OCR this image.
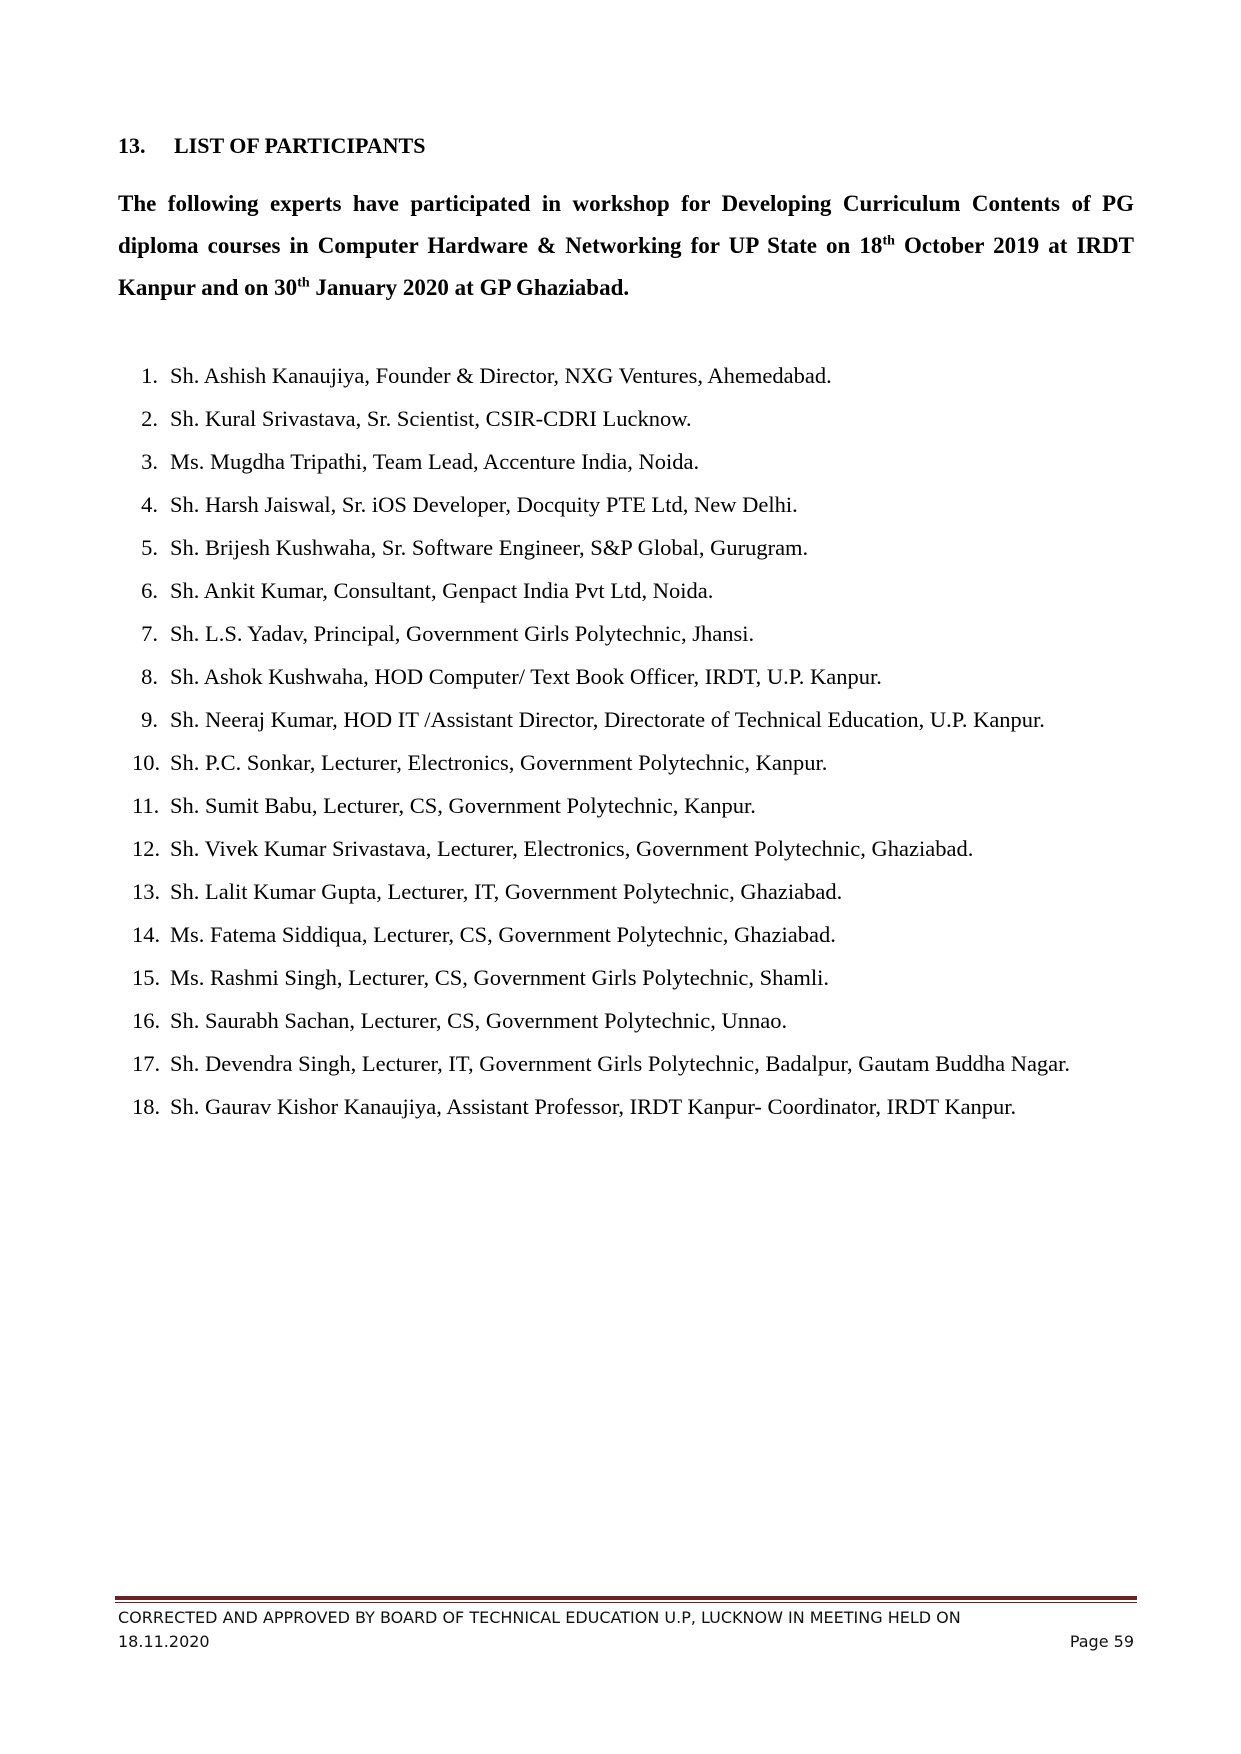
13. LIST OF PARTICIPANTS

The following experts have participated in workshop for Developing Curriculum Contents of PG diploma courses in Computer Hardware & Networking for UP State on 18th October 2019 at IRDT Kanpur and on 30th January 2020 at GP Ghaziabad.

1. Sh. Ashish Kanaujiya, Founder & Director, NXG Ventures, Ahemedabad.
2. Sh. Kural Srivastava, Sr. Scientist, CSIR-CDRI Lucknow.
3. Ms. Mugdha Tripathi, Team Lead, Accenture India, Noida.
4. Sh. Harsh Jaiswal, Sr. iOS Developer, Docquity PTE Ltd, New Delhi.
5. Sh. Brijesh Kushwaha, Sr. Software Engineer, S&P Global, Gurugram.
6. Sh. Ankit Kumar, Consultant, Genpact India Pvt Ltd, Noida.
7. Sh. L.S. Yadav, Principal, Government Girls Polytechnic, Jhansi.
8. Sh. Ashok Kushwaha, HOD Computer/ Text Book Officer, IRDT, U.P. Kanpur.
9. Sh. Neeraj Kumar, HOD IT /Assistant Director, Directorate of Technical Education, U.P. Kanpur.
10. Sh. P.C. Sonkar, Lecturer, Electronics, Government Polytechnic, Kanpur.
11. Sh. Sumit Babu, Lecturer, CS, Government Polytechnic, Kanpur.
12. Sh. Vivek Kumar Srivastava, Lecturer, Electronics, Government Polytechnic, Ghaziabad.
13. Sh. Lalit Kumar Gupta, Lecturer, IT, Government Polytechnic, Ghaziabad.
14. Ms. Fatema Siddiqua, Lecturer, CS, Government Polytechnic, Ghaziabad.
15. Ms. Rashmi Singh, Lecturer, CS, Government Girls Polytechnic, Shamli.
16. Sh. Saurabh Sachan, Lecturer, CS, Government Polytechnic, Unnao.
17. Sh. Devendra Singh, Lecturer, IT, Government Girls Polytechnic, Badalpur, Gautam Buddha Nagar.
18. Sh. Gaurav Kishor Kanaujiya, Assistant Professor, IRDT Kanpur- Coordinator, IRDT Kanpur.
CORRECTED AND APPROVED BY BOARD OF TECHNICAL EDUCATION U.P, LUCKNOW IN MEETING HELD ON
18.11.2020	Page 59
